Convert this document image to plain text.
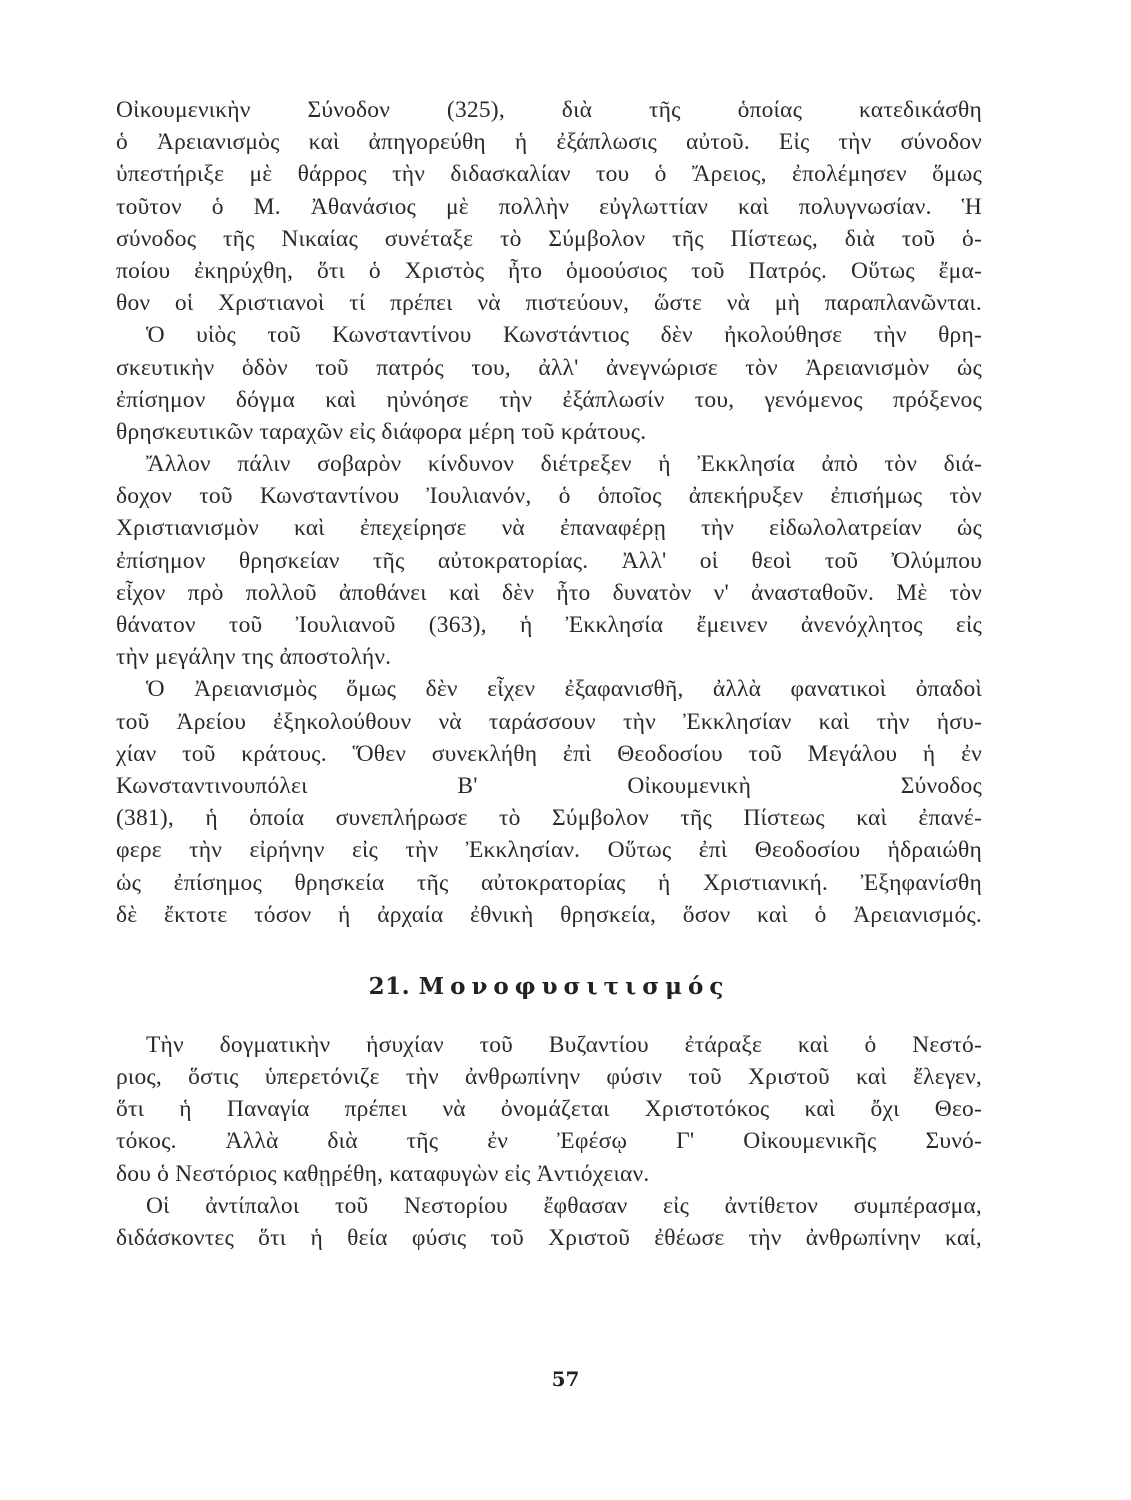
Οἰκουμενικὴν Σύνοδον (325), διὰ τῆς ὁποίας κατεδικάσθη
ὁ Ἀρειανισμὸς καὶ ἀπηγορεύθη ἡ ἐξάπλωσις αὐτοῦ. Εἰς τὴν σύνοδον
ὑπεστήριξε μὲ θάρρος τὴν διδασκαλίαν του ὁ Ἄρειος, ἐπολέμησεν ὅμως
τοῦτον ὁ Μ. Ἀθανάσιος μὲ πολλὴν εὐγλωττίαν καὶ πολυγνωσίαν. Ἡ
σύνοδος τῆς Νικαίας συνέταξε τὸ Σύμβολον τῆς Πίστεως, διὰ τοῦ ὁ-
ποίου ἐκηρύχθη, ὅτι ὁ Χριστὸς ἦτο ὁμοούσιος τοῦ Πατρός. Οὕτως ἔμα-
θον οἱ Χριστιανοὶ τί πρέπει νὰ πιστεύουν, ὥστε νὰ μὴ παραπλανῶνται.
Ὁ υἱὸς τοῦ Κωνσταντίνου Κωνστάντιος δὲν ἠκολούθησε τὴν θρη-
σκευτικὴν ὁδὸν τοῦ πατρός του, ἀλλ' ἀνεγνώρισε τὸν Ἀρειανισμὸν ὡς
ἐπίσημον δόγμα καὶ ηὐνόησε τὴν ἐξάπλωσίν του, γενόμενος πρόξενος
θρησκευτικῶν ταραχῶν εἰς διάφορα μέρη τοῦ κράτους.
Ἄλλον πάλιν σοβαρὸν κίνδυνον διέτρεξεν ἡ Ἐκκλησία ἀπὸ τὸν διά-
δοχον τοῦ Κωνσταντίνου Ἰουλιανόν, ὁ ὁποῖος ἀπεκήρυξεν ἐπισήμως τὸν
Χριστιανισμὸν καὶ ἐπεχείρησε νὰ ἐπαναφέρῃ τὴν εἰδωλολατρείαν ὡς
ἐπίσημον θρησκείαν τῆς αὐτοκρατορίας. Ἀλλ' οἱ θεοὶ τοῦ Ὀλύμπου
εἶχον πρὸ πολλοῦ ἀποθάνει καὶ δὲν ἦτο δυνατὸν ν' ἀνασταθοῦν. Μὲ τὸν
θάνατον τοῦ Ἰουλιανοῦ (363), ἡ Ἐκκλησία ἔμεινεν ἀνενόχλητος εἰς
τὴν μεγάλην της ἀποστολήν.
Ὁ Ἀρειανισμὸς ὅμως δὲν εἶχεν ἐξαφανισθῆ, ἀλλὰ φανατικοὶ ὀπαδοὶ
τοῦ Ἀρείου ἐξηκολούθουν νὰ ταράσσουν τὴν Ἐκκλησίαν καὶ τὴν ἡσυ-
χίαν τοῦ κράτους. Ὅθεν συνεκλήθη ἐπὶ Θεοδοσίου τοῦ Μεγάλου ἡ ἐν
Κωνσταντινουπόλει Β' Οἰκουμενικὴ Σύνοδος
(381), ἡ ὁποία συνεπλήρωσε τὸ Σύμβολον τῆς Πίστεως καὶ ἐπανέ-
φερε τὴν εἰρήνην εἰς τὴν Ἐκκλησίαν. Οὕτως ἐπὶ Θεοδοσίου ἡδραιώθη
ὡς ἐπίσημος θρησκεία τῆς αὐτοκρατορίας ἡ Χριστιανική. Ἐξηφανίσθη
δὲ ἔκτοτε τόσον ἡ ἀρχαία ἐθνικὴ θρησκεία, ὅσον καὶ ὁ Ἀρειανισμός.
21. Μονοφυσιτισμός
Τὴν δογματικὴν ἡσυχίαν τοῦ Βυζαντίου ἐτάραξε καὶ ὁ Νεστό-
ριος, ὅστις ὑπερετόνιζε τὴν ἀνθρωπίνην φύσιν τοῦ Χριστοῦ καὶ ἔλεγεν,
ὅτι ἡ Παναγία πρέπει νὰ ὀνομάζεται Χριστοτόκος καὶ ὄχι Θεο-
τόκος. Ἀλλὰ διὰ τῆς ἐν Ἐφέσῳ Γ' Οἰκουμενικῆς Συνό-
δου ὁ Νεστόριος καθῃρέθη, καταφυγὼν εἰς Ἀντιόχειαν.
Οἱ ἀντίπαλοι τοῦ Νεστορίου ἔφθασαν εἰς ἀντίθετον συμπέρασμα,
διδάσκοντες ὅτι ἡ θεία φύσις τοῦ Χριστοῦ ἐθέωσε τὴν ἀνθρωπίνην καί,
57
